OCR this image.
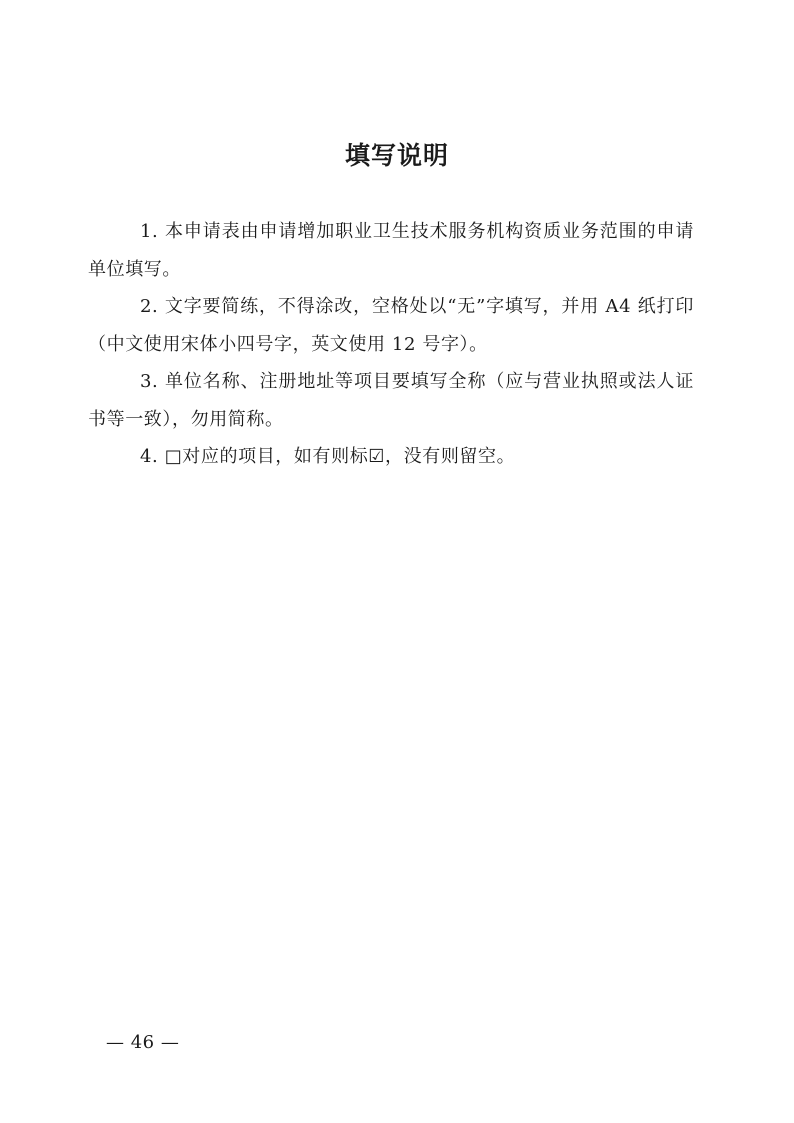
填写说明

1. 本申请表由申请增加职业卫生技术服务机构资质业务范围的申请单位填写。

2. 文字要简练，不得涂改，空格处以“无”字填写，并用 A4 纸打印（中文使用宋体小四号字，英文使用 12 号字）。

3. 单位名称、注册地址等项目要填写全称（应与营业执照或法人证书等一致），勿用简称。

4. □对应的项目，如有则标☑，没有则留空。

— 46 —
